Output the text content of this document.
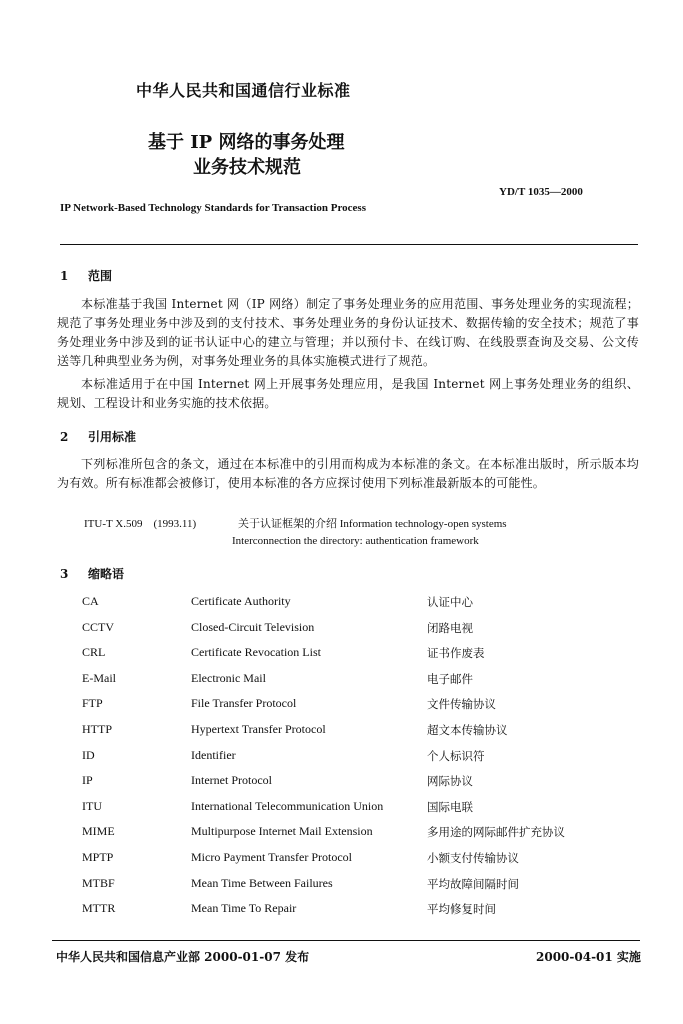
中华人民共和国通信行业标准
基于 IP 网络的事务处理
业务技术规范
YD/T 1035—2000
IP Network-Based Technology Standards for Transaction Process
1 范围
本标准基于我国 Internet 网（IP 网络）制定了事务处理业务的应用范围、事务处理业务的实现流程；规范了事务处理业务中涉及到的支付技术、事务处理业务的身份认证技术、数据传输的安全技术；规范了事务处理业务中涉及到的证书认证中心的建立与管理；并以预付卡、在线订购、在线股票查询及交易、公文传送等几种典型业务为例，对事务处理业务的具体实施模式进行了规范。
本标准适用于在中国 Internet 网上开展事务处理应用，是我国 Internet 网上事务处理业务的组织、规划、工程设计和业务实施的技术依据。
2 引用标准
下列标准所包含的条文，通过在本标准中的引用而构成为本标准的条文。在本标准出版时，所示版本均为有效。所有标准都会被修订，使用本标准的各方应探讨使用下列标准最新版本的可能性。
ITU-T X.509　(1993.11)	关于认证框架的介绍 Information technology-open systems
Interconnection the directory: authentication framework
3 缩略语
CA	Certificate Authority	认证中心
CCTV	Closed-Circuit Television	闭路电视
CRL	Certificate Revocation List	证书作废表
E-Mail	Electronic Mail	电子邮件
FTP	File Transfer Protocol	文件传输协议
HTTP	Hypertext Transfer Protocol	超文本传输协议
ID	Identifier	个人标识符
IP	Internet Protocol	网际协议
ITU	International Telecommunication Union	国际电联
MIME	Multipurpose Internet Mail Extension	多用途的网际邮件扩充协议
MPTP	Micro Payment Transfer Protocol	小额支付传输协议
MTBF	Mean Time Between Failures	平均故障间隔时间
MTTR	Mean Time To Repair	平均修复时间
中华人民共和国信息产业部 2000-01-07 发布	2000-04-01 实施
